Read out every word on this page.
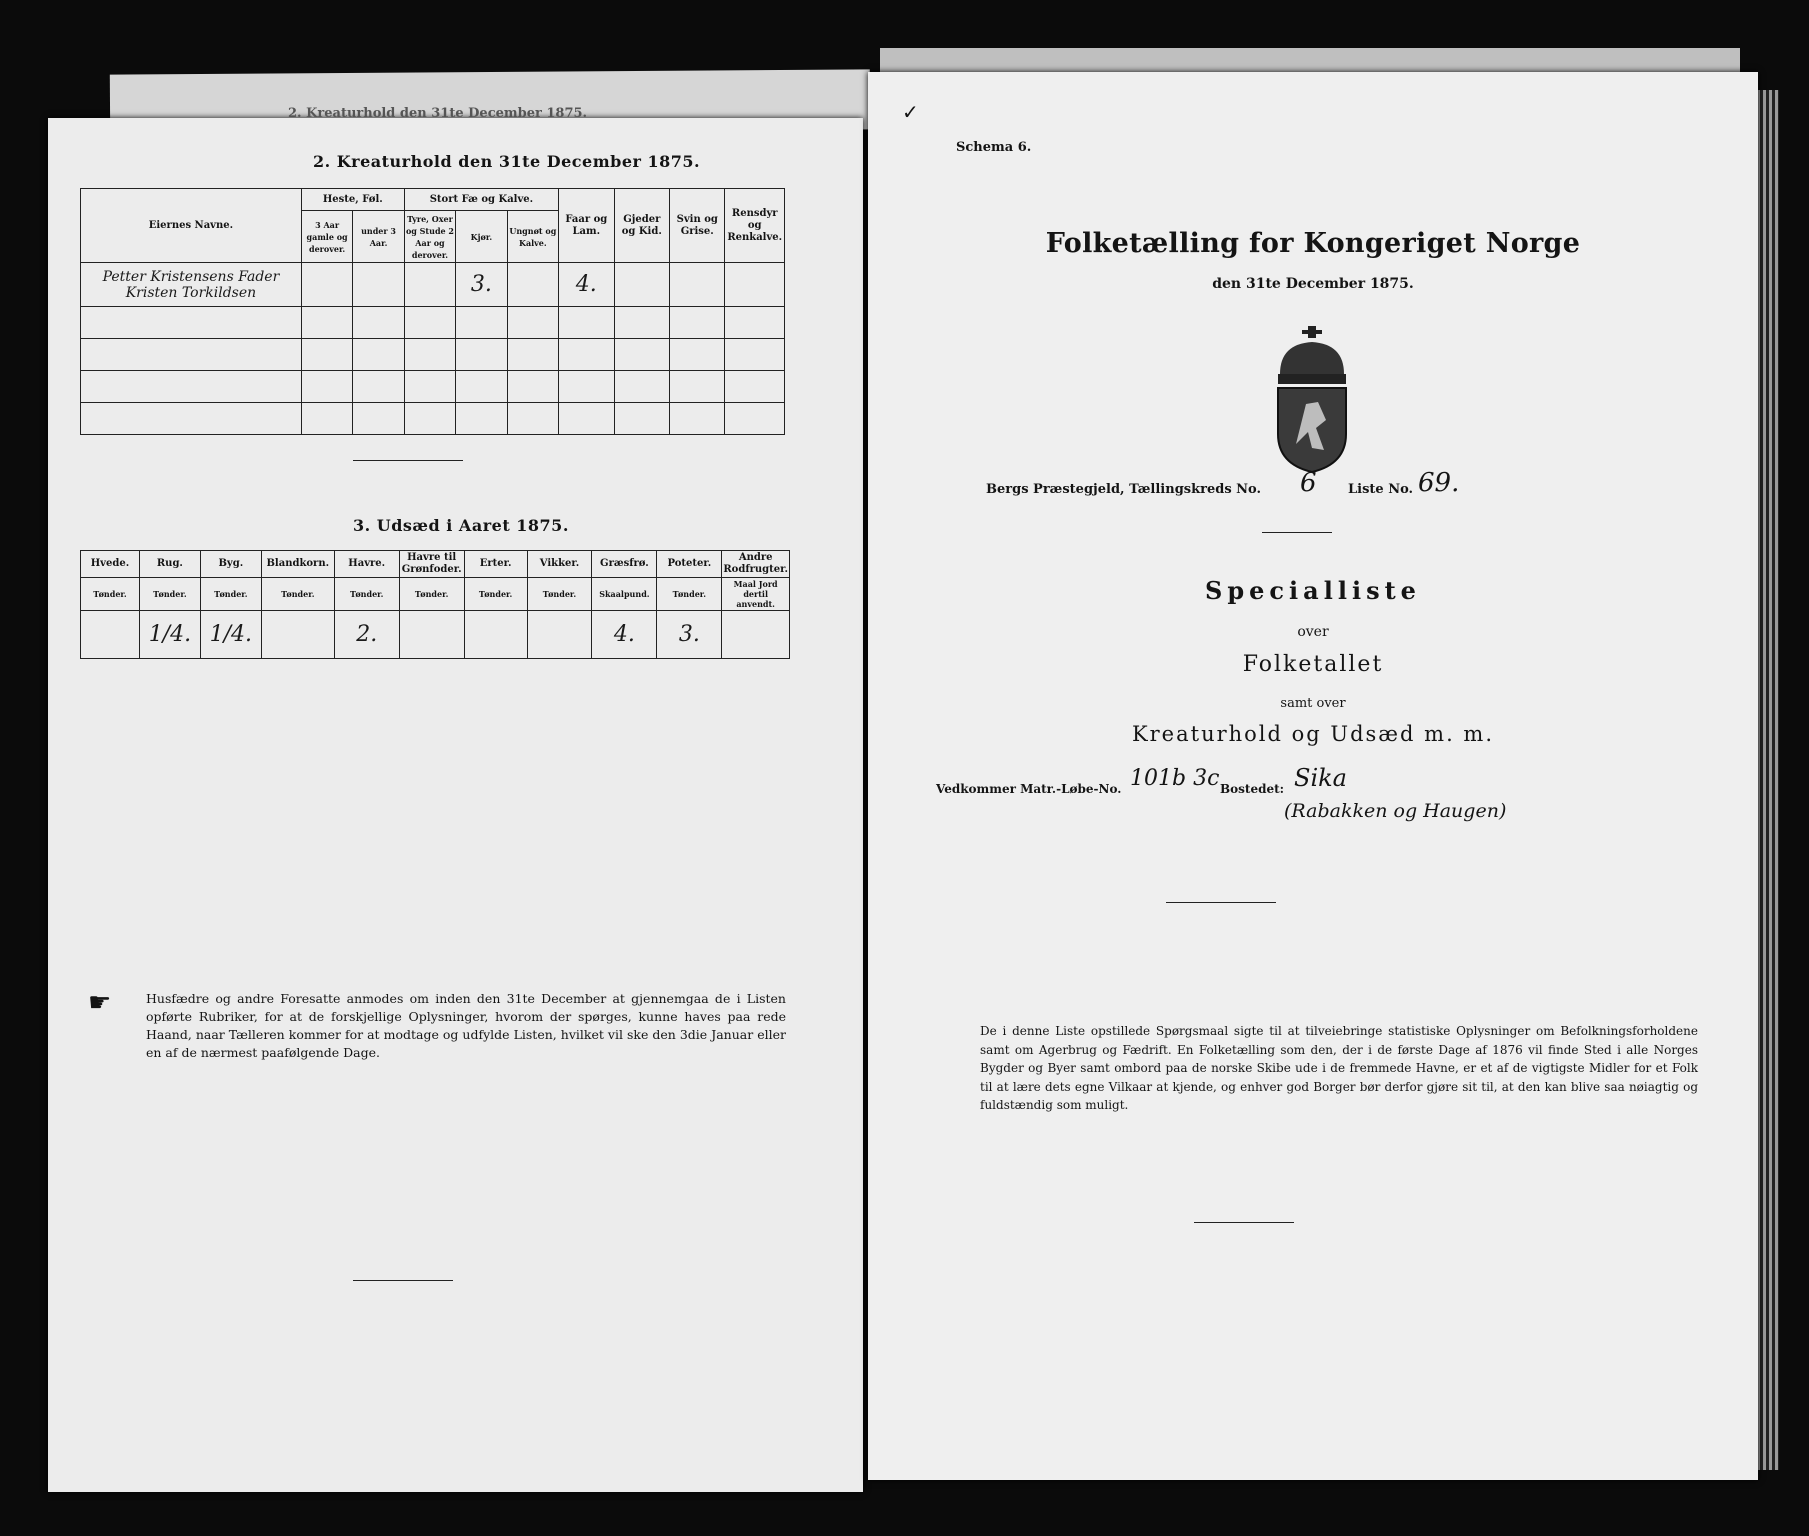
2. Kreaturhold den 31te December 1875.
2. Kreaturhold den 31te December 1875.
Eiernes Navne.	Heste, Føl.		Stort Fæ og Kalve.			Faar og Lam.	Gjeder og Kid.	Svin og Grise.	Rensdyr og Renkalve.
	3 Aar gamle og derover.	under 3 Aar.	Tyre, Oxer og Stude 2 Aar og derover.	Kjør.	Ungnøt og Kalve.				
Petter Kristensens Fader Kristen Torkildsen				3.		4.			

3. Udsæd i Aaret 1875.
Hvede.	Rug.	Byg.	Blandkorn.	Havre.	Havre til Grønfoder.	Erter.	Vikker.	Græsfrø.	Poteter.	Andre Rodfrugter.
Tønder.	Tønder.	Tønder.	Tønder.	Tønder.	Tønder.	Tønder.	Tønder.	Skaalpund.	Tønder.	Maal Jord dertil anvendt.
	1/4.	1/4.		2.				4.	3.	
☛	Husfædre og andre Foresatte anmodes om inden den 31te December at gjennemgaa de i Listen opførte Rubriker, for at de forskjellige Oplysninger, hvorom der spørges, kunne haves paa rede Haand, naar Tælleren kommer for at modtage og udfylde Listen, hvilket vil ske den 3die Januar eller en af de nærmest paafølgende Dage.
✓
Schema 6.
Folketælling for Kongeriget Norge
den 31te December 1875.
Bergs Præstegjeld, Tællingskreds No. 6 Liste No. 69.
Specialliste
over
Folketallet
samt over
Kreaturhold og Udsæd m. m.
Vedkommer Matr.-Løbe-No. 101b 3c Bostedet: Sika
(Rabakken og Haugen)
De i denne Liste opstillede Spørgsmaal sigte til at tilveiebringe statistiske Oplysninger om Befolkningsforholdene samt om Agerbrug og Fædrift. En Folketælling som den, der i de første Dage af 1876 vil finde Sted i alle Norges Bygder og Byer samt ombord paa de norske Skibe ude i de fremmede Havne, er et af de vigtigste Midler for et Folk til at lære dets egne Vilkaar at kjende, og enhver god Borger bør derfor gjøre sit til, at den kan blive saa nøiagtig og fuldstændig som muligt.
